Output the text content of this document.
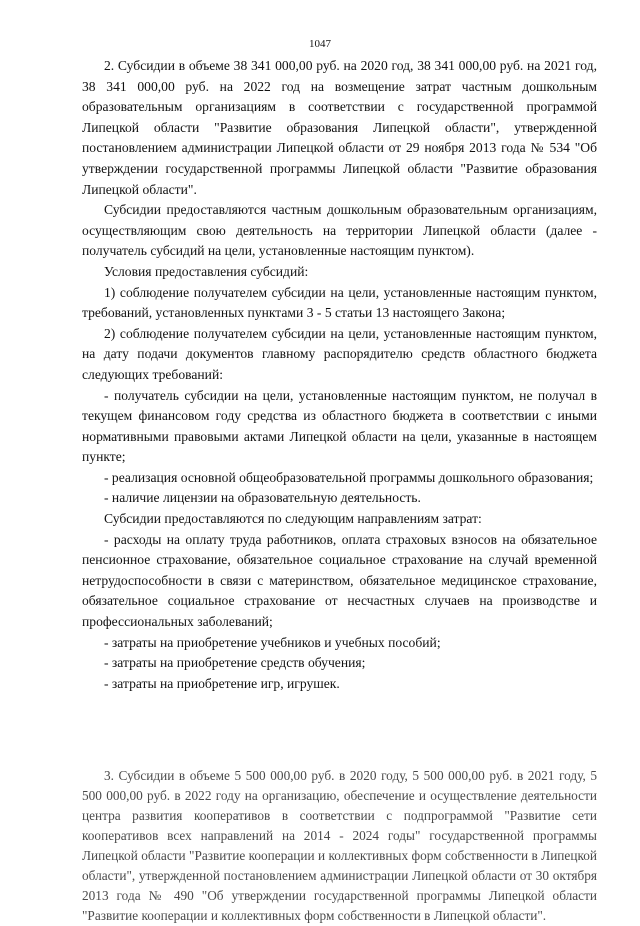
1047

2. Субсидии в объеме 38 341 000,00 руб. на 2020 год, 38 341 000,00 руб. на 2021 год, 38 341 000,00 руб. на 2022 год на возмещение затрат частным дошкольным образовательным организациям в соответствии с государственной программой Липецкой области "Развитие образования Липецкой области", утвержденной постановлением администрации Липецкой области от 29 ноября 2013 года № 534 "Об утверждении государственной программы Липецкой области "Развитие образования Липецкой области".

Субсидии предоставляются частным дошкольным образовательным организациям, осуществляющим свою деятельность на территории Липецкой области (далее - получатель субсидий на цели, установленные настоящим пунктом).

Условия предоставления субсидий:

1) соблюдение получателем субсидии на цели, установленные настоящим пунктом, требований, установленных пунктами 3 - 5 статьи 13 настоящего Закона;

2) соблюдение получателем субсидии на цели, установленные настоящим пунктом, на дату подачи документов главному распорядителю средств областного бюджета следующих требований:

- получатель субсидии на цели, установленные настоящим пунктом, не получал в текущем финансовом году средства из областного бюджета в соответствии с иными нормативными правовыми актами Липецкой области на цели, указанные в настоящем пункте;

- реализация основной общеобразовательной программы дошкольного образования;

- наличие лицензии на образовательную деятельность.

Субсидии предоставляются по следующим направлениям затрат:

- расходы на оплату труда работников, оплата страховых взносов на обязательное пенсионное страхование, обязательное социальное страхование на случай временной нетрудоспособности в связи с материнством, обязательное медицинское страхование, обязательное социальное страхование от несчастных случаев на производстве и профессиональных заболеваний;

- затраты на приобретение учебников и учебных пособий;

- затраты на приобретение средств обучения;

- затраты на приобретение игр, игрушек.

3. Субсидии в объеме 5 500 000,00 руб. в 2020 году, 5 500 000,00 руб. в 2021 году, 5 500 000,00 руб. в 2022 году на организацию, обеспечение и осуществление деятельности центра развития кооперативов в соответствии с подпрограммой "Развитие сети кооперативов всех направлений на 2014 - 2024 годы" государственной программы Липецкой области "Развитие кооперации и коллективных форм собственности в Липецкой области", утвержденной постановлением администрации Липецкой области от 30 октября 2013 года № 490 "Об утверждении государственной программы Липецкой области "Развитие кооперации и коллективных форм собственности в Липецкой области".
